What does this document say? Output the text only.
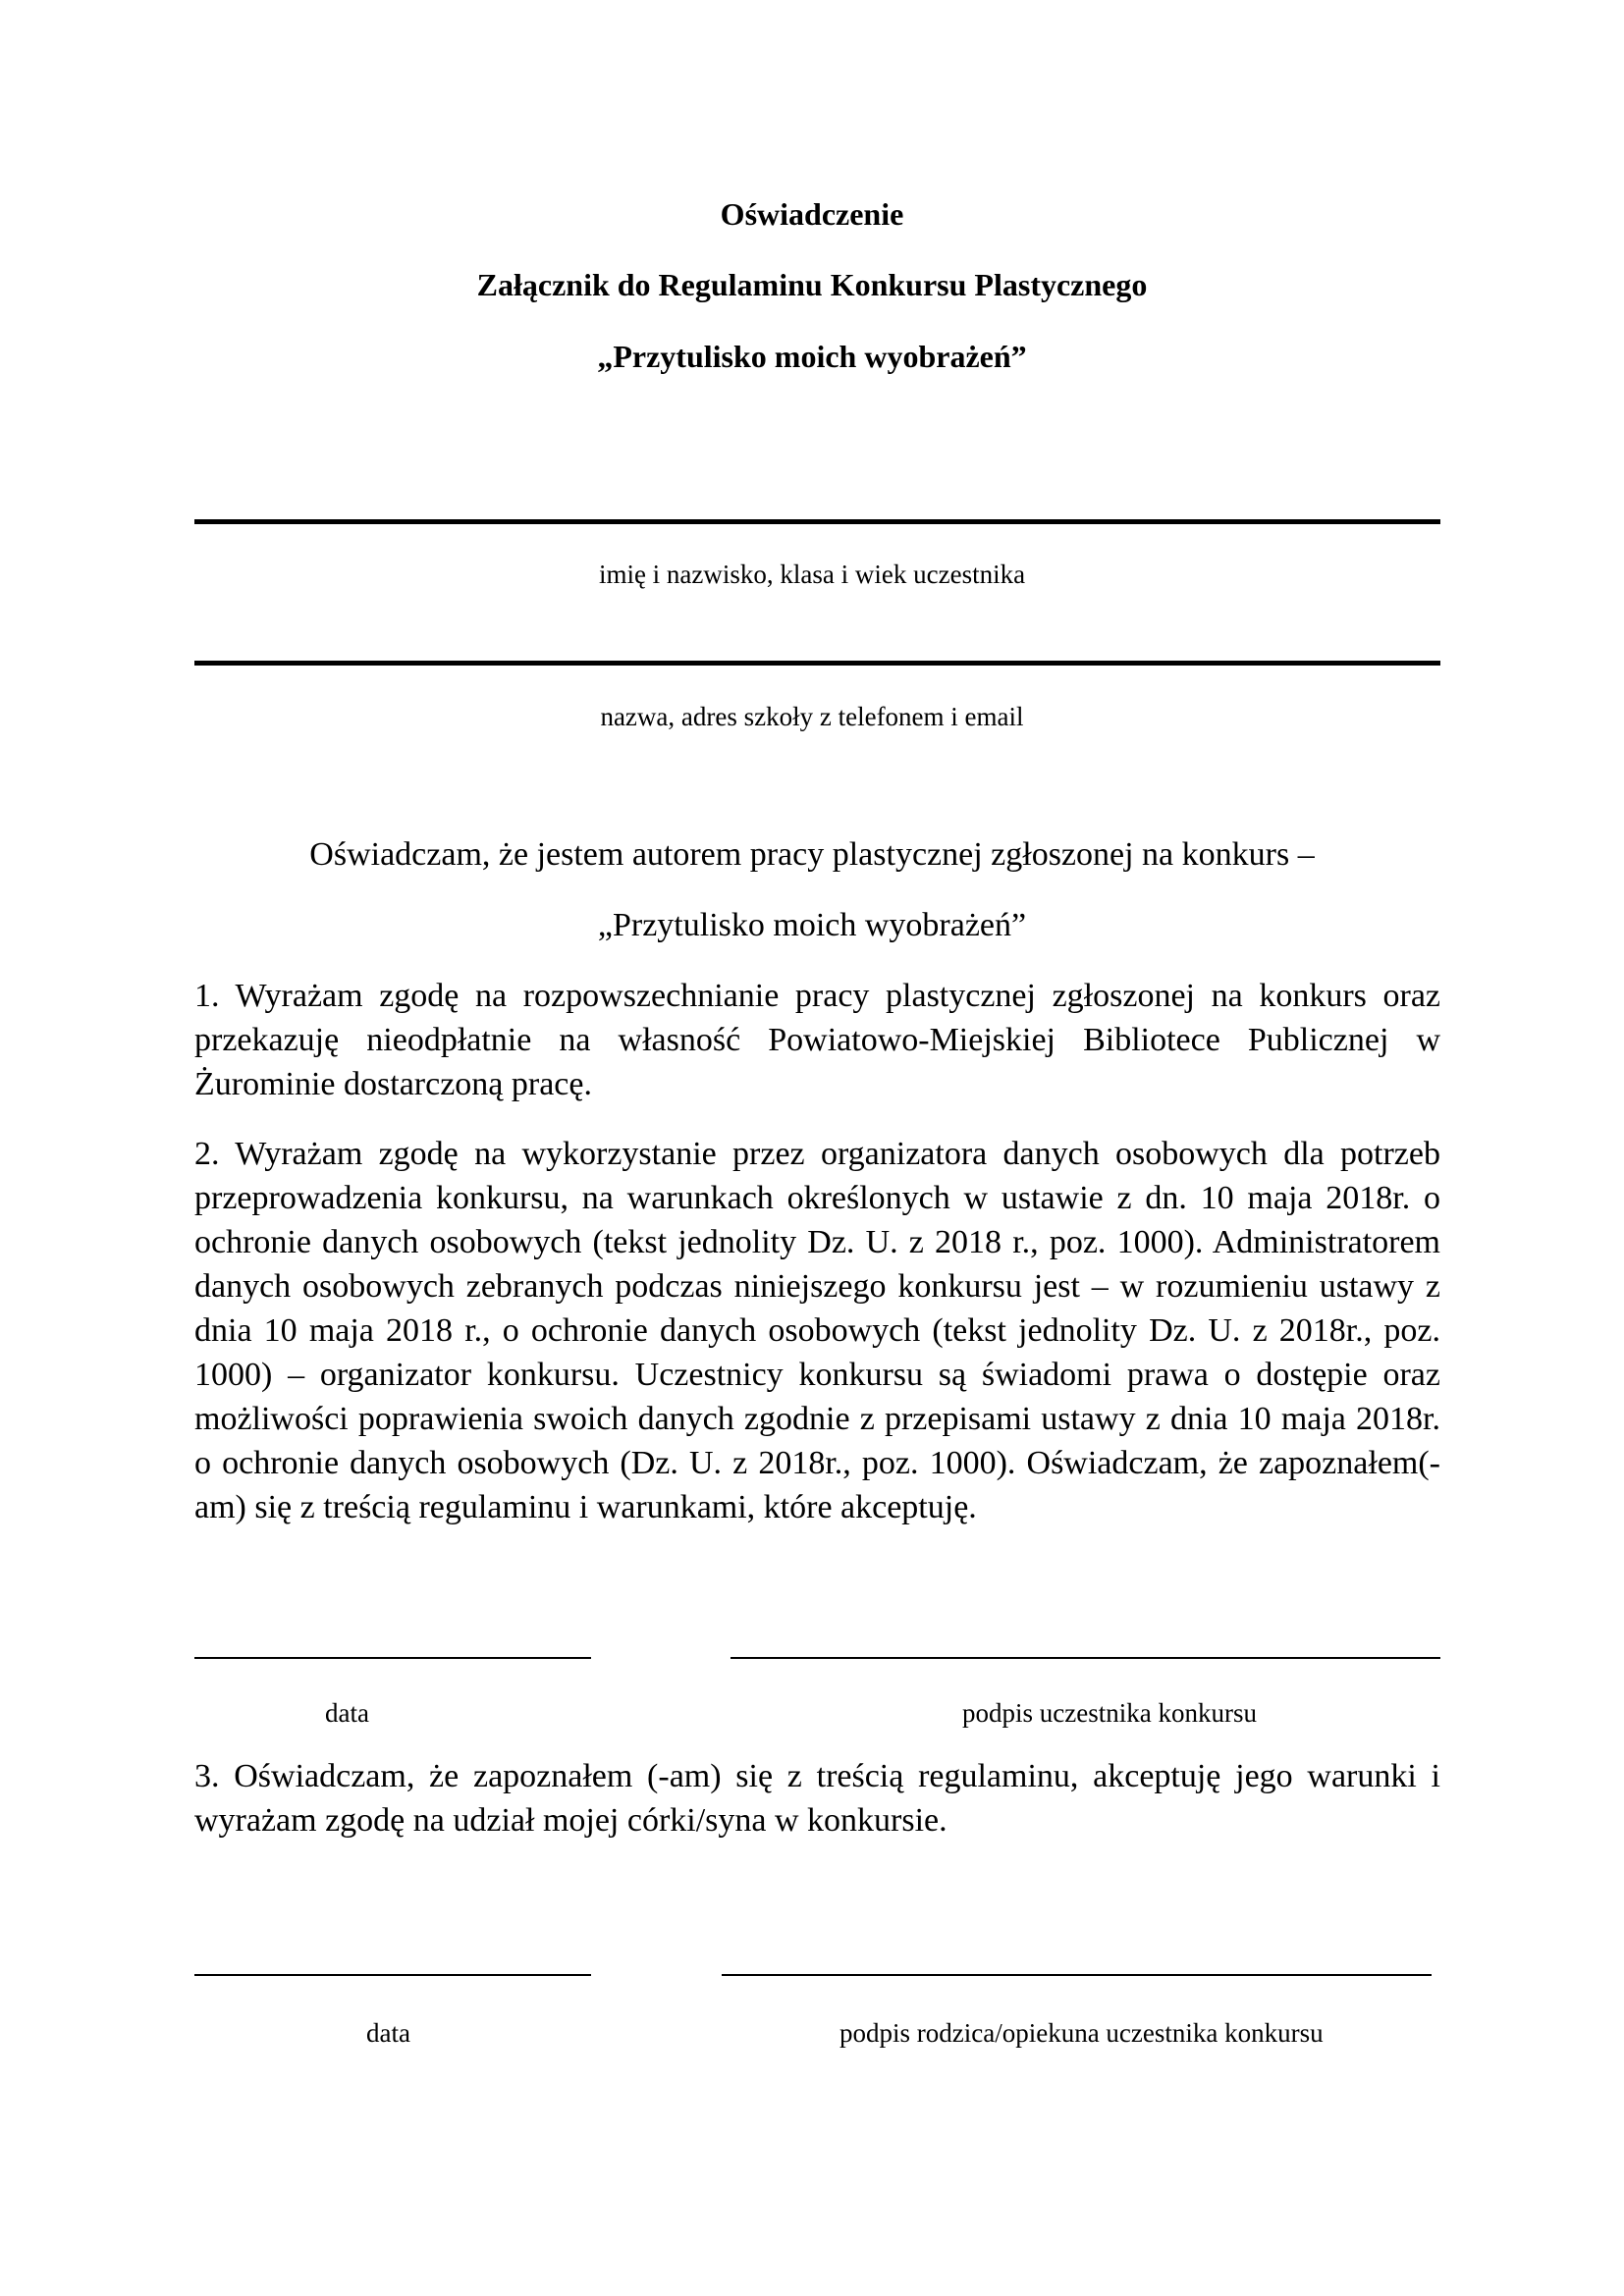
Oświadczenie
Załącznik do Regulaminu Konkursu Plastycznego
„Przytulisko moich wyobrażeń”
imię i nazwisko, klasa i wiek uczestnika
nazwa, adres szkoły z telefonem i email
Oświadczam, że jestem autorem pracy plastycznej zgłoszonej na konkurs –
„Przytulisko moich wyobrażeń”

1. Wyrażam zgodę na rozpowszechnianie pracy plastycznej zgłoszonej na konkurs oraz przekazuję nieodpłatnie na własność Powiatowo-Miejskiej Bibliotece Publicznej w Żurominie dostarczoną pracę.

2. Wyrażam zgodę na wykorzystanie przez organizatora danych osobowych dla potrzeb przeprowadzenia konkursu, na warunkach określonych w ustawie z dn. 10 maja 2018r. o ochronie danych osobowych (tekst jednolity Dz. U. z 2018 r., poz. 1000). Administratorem danych osobowych zebranych podczas niniejszego konkursu jest – w rozumieniu ustawy z dnia 10 maja 2018 r., o ochronie danych osobowych (tekst jednolity Dz. U. z 2018r., poz. 1000) – organizator konkursu. Uczestnicy konkursu są świadomi prawa o dostępie oraz możliwości poprawienia swoich danych zgodnie z przepisami ustawy z dnia 10 maja 2018r. o ochronie danych osobowych (Dz. U. z 2018r., poz. 1000). Oświadczam, że zapoznałem(-am) się z treścią regulaminu i warunkami, które akceptuję.

data	podpis uczestnika konkursu

3. Oświadczam, że zapoznałem (-am) się z treścią regulaminu, akceptuję jego warunki i wyrażam zgodę na udział mojej córki/syna w konkursie.

data	podpis rodzica/opiekuna uczestnika konkursu
